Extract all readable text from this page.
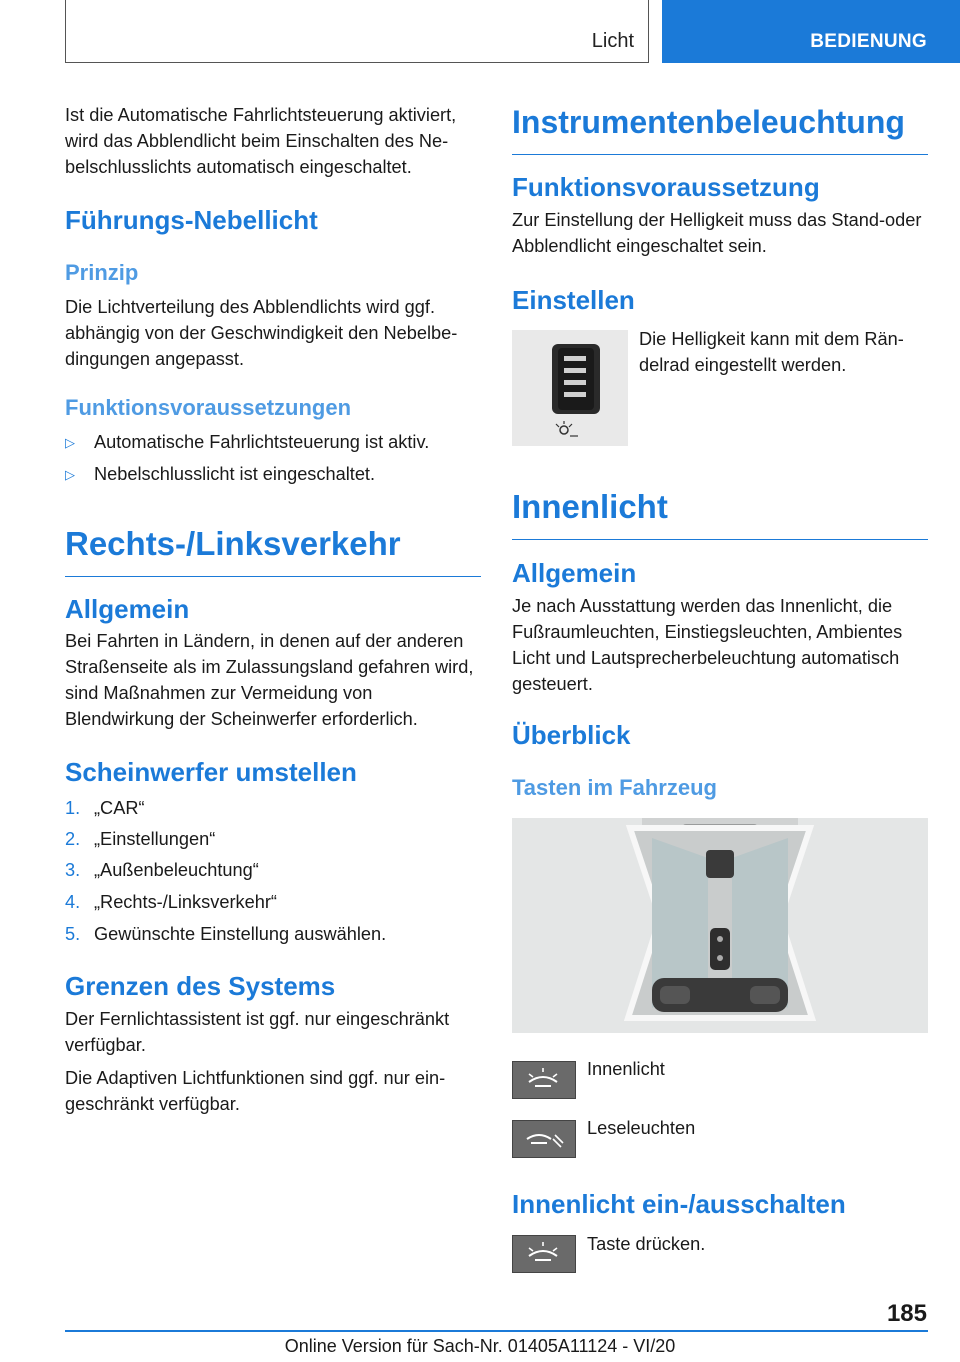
Licht	BEDIENUNG

Ist die Automatische Fahrlichtsteuerung aktiviert, wird das Abblendlicht beim Einschalten des Ne-belschlusslichts automatisch eingeschaltet.

Führungs-Nebellicht
Prinzip

Die Lichtverteilung des Abblendlichts wird ggf. abhängig von der Geschwindigkeit den Nebelbe-dingungen angepasst.

Funktionsvoraussetzungen
▷ Automatische Fahrlichtsteuerung ist aktiv.
▷ Nebelschlusslicht ist eingeschaltet.
Rechts-/Linksverkehr
Allgemein

Bei Fahrten in Ländern, in denen auf der anderen Straßenseite als im Zulassungsland gefahren wird, sind Maßnahmen zur Vermeidung von Blendwirkung der Scheinwerfer erforderlich.

Scheinwerfer umstellen
1. „CAR“
2. „Einstellungen“
3. „Außenbeleuchtung“
4. „Rechts-/Linksverkehr“
5. Gewünschte Einstellung auswählen.
Grenzen des Systems

Der Fernlichtassistent ist ggf. nur eingeschränkt verfügbar.

Die Adaptiven Lichtfunktionen sind ggf. nur ein-geschränkt verfügbar.

Instrumentenbeleuchtung
Funktionsvoraussetzung

Zur Einstellung der Helligkeit muss das Stand-oder Abblendlicht eingeschaltet sein.

Einstellen

Die Helligkeit kann mit dem Rän-delrad eingestellt werden.

Innenlicht
Allgemein

Je nach Ausstattung werden das Innenlicht, die Fußraumleuchten, Einstiegsleuchten, Ambientes Licht und Lautsprecherbeleuchtung automatisch gesteuert.

Überblick
Tasten im Fahrzeug
Innenlicht
Leseleuchten
Innenlicht ein-/ausschalten
Taste drücken.
185
Online Version für Sach-Nr. 01405A11124 - VI/20
